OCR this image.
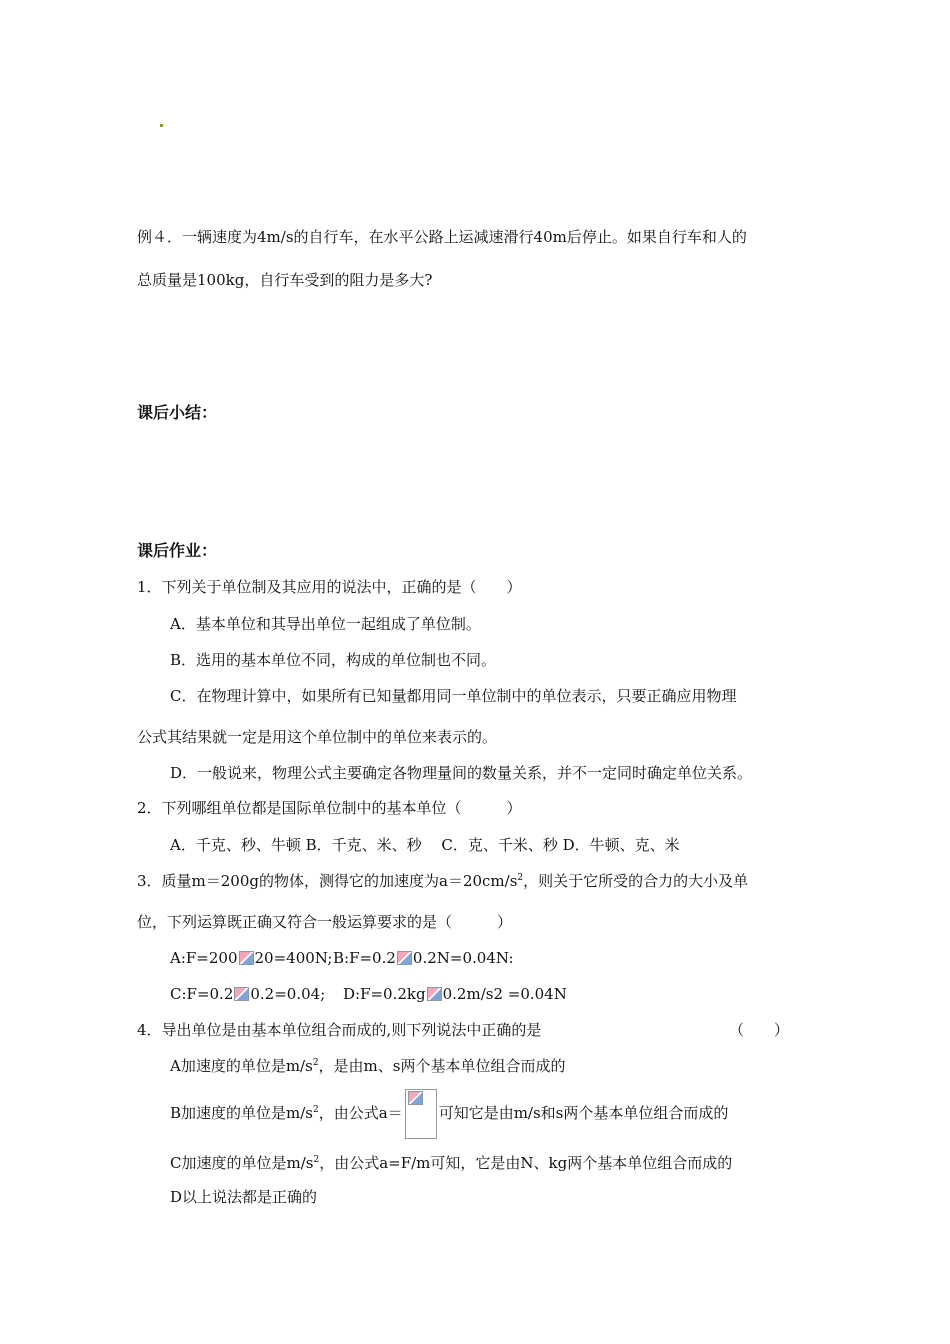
例４．一辆速度为4m/s的自行车，在水平公路上运减速滑行40m后停止。如果自行车和人的
总质量是100kg，自行车受到的阻力是多大?
课后小结：
课后作业：
1．下列关于单位制及其应用的说法中，正确的是（　　）
A．基本单位和其导出单位一起组成了单位制。
B．选用的基本单位不同，构成的单位制也不同。
C．在物理计算中，如果所有已知量都用同一单位制中的单位表示，只要正确应用物理
公式其结果就一定是用这个单位制中的单位来表示的。
D．一般说来，物理公式主要确定各物理量间的数量关系，并不一定同时确定单位关系。
2．下列哪组单位都是国际单位制中的基本单位（　　　）
A．千克、秒、牛顿 B．千克、米、秒　 C．克、千米、秒 D．牛顿、克、米
3．质量m＝200g的物体，测得它的加速度为$a=20cm/s^2$，则关于它所受的合力的大小及单
位，下列运算既正确又符合一般运算要求的是（　　　）
A:F=200 20=400N; B:F=0.2 0.2N=0.04N:
C:F=0.2 0.2=0.04; D:F=0.2kg 0.2m/s2 =0.04N
4．导出单位是由基本单位组合而成的,则下列说法中正确的是	（　　）
A加速度的单位是$m/s^2$，是由m、s两个基本单位组合而成的
B加速度的单位是$m/s^2$，由公式a＝ 可知它是由m/s和s两个基本单位组合而成的
C加速度的单位是$m/s^2$，由公式a=F/m可知，它是由N、kg两个基本单位组合而成的
D以上说法都是正确的
